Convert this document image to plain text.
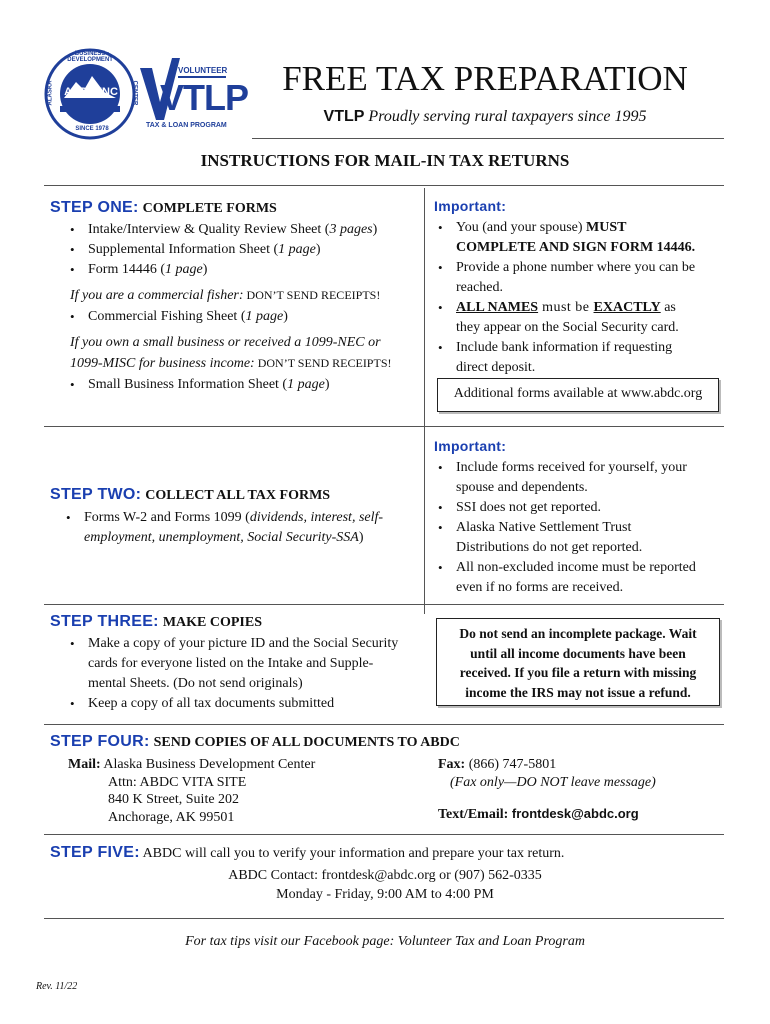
ABDC,INC
BUSINESS • DEVELOPMENT •
ALASKA	CENTER
SINCE 1978
VOLUNTEER
VTLP
TAX & LOAN PROGRAM
FREE TAX PREPARATION
VTLP Proudly serving rural taxpayers since 1995
INSTRUCTIONS FOR MAIL-IN TAX RETURNS
STEP ONE: COMPLETE FORMS
• Intake/Interview & Quality Review Sheet (3 pages)
• Supplemental Information Sheet (1 page)
• Form 14446 (1 page)
If you are a commercial fisher: DON’T SEND RECEIPTS!
• Commercial Fishing Sheet (1 page)
If you own a small business or received a 1099-NEC or
1099-MISC for business income: DON’T SEND RECEIPTS!
• Small Business Information Sheet (1 page)
Important:
• You (and your spouse) MUST
COMPLETE AND SIGN FORM 14446.
• Provide a phone number where you can be
reached.
• ALL NAMES must be EXACTLY as
they appear on the Social Security card.
• Include bank information if requesting
direct deposit.
Additional forms available at www.abdc.org
STEP TWO: COLLECT ALL TAX FORMS
• Forms W-2 and Forms 1099 (dividends, interest, self-
employment, unemployment, Social Security-SSA)
Important:
• Include forms received for yourself, your
spouse and dependents.
• SSI does not get reported.
• Alaska Native Settlement Trust
Distributions do not get reported.
• All non-excluded income must be reported
even if no forms are received.
STEP THREE: MAKE COPIES
• Make a copy of your picture ID and the Social Security
cards for everyone listed on the Intake and Supple-
mental Sheets. (Do not send originals)
• Keep a copy of all tax documents submitted
Do not send an incomplete package. Wait
until all income documents have been
received. If you file a return with missing
income the IRS may not issue a refund.
STEP FOUR: SEND COPIES OF ALL DOCUMENTS TO ABDC
Mail: Alaska Business Development Center
Attn: ABDC VITA SITE
840 K Street, Suite 202
Anchorage, AK 99501
Fax: (866) 747-5801
(Fax only—DO NOT leave message)
Text/Email: frontdesk@abdc.org
STEP FIVE: ABDC will call you to verify your information and prepare your tax return.
ABDC Contact: frontdesk@abdc.org or (907) 562-0335
Monday - Friday, 9:00 AM to 4:00 PM
For tax tips visit our Facebook page: Volunteer Tax and Loan Program
Rev. 11/22
